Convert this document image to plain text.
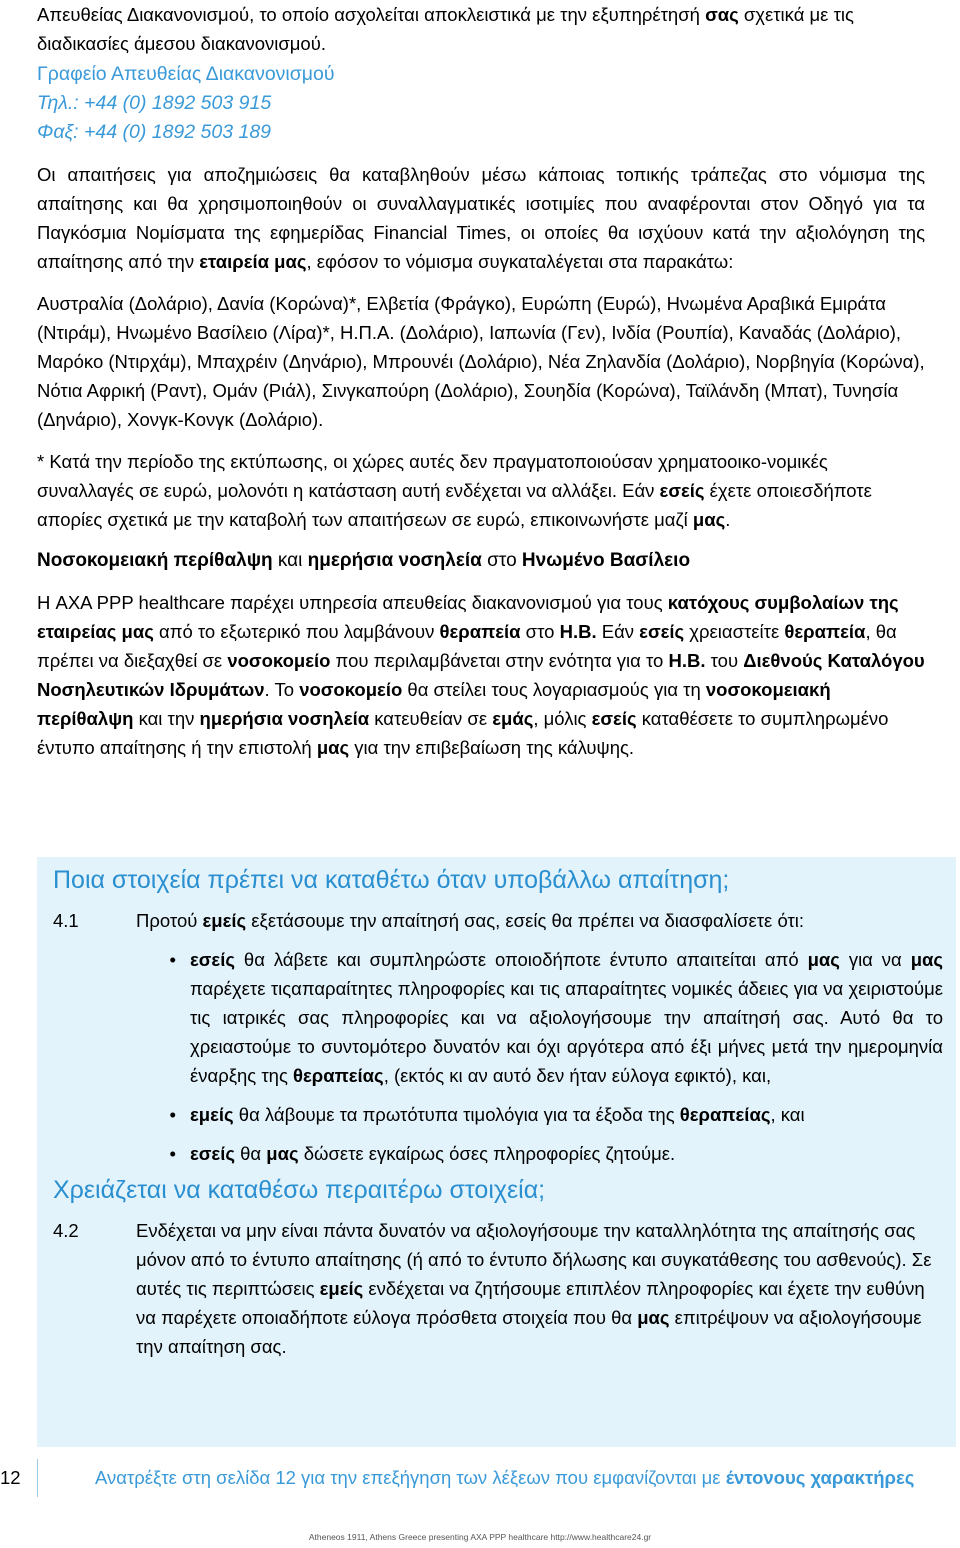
Απευθείας Διακανονισμού, το οποίο ασχολείται αποκλειστικά με την εξυπηρέτησή σας σχετικά με τις διαδικασίες άμεσου διακανονισμού.

Γραφείο Απευθείας Διακανονισμού
Τηλ.: +44 (0) 1892 503 915
Φαξ: +44 (0) 1892 503 189

Οι απαιτήσεις για αποζημιώσεις θα καταβληθούν μέσω κάποιας τοπικής τράπεζας στο νόμισμα της απαίτησης και θα χρησιμοποιηθούν οι συναλλαγματικές ισοτιμίες που αναφέρονται στον Οδηγό για τα Παγκόσμια Νομίσματα της εφημερίδας Financial Times, οι οποίες θα ισχύουν κατά την αξιολόγηση της απαίτησης από την εταιρεία μας, εφόσον το νόμισμα συγκαταλέγεται στα παρακάτω:

Αυστραλία (Δολάριο), Δανία (Κορώνα)*, Ελβετία (Φράγκο), Ευρώπη (Ευρώ), Ηνωμένα Αραβικά Εμιράτα (Ντιράμ), Ηνωμένο Βασίλειο (Λίρα)*, Η.Π.Α. (Δολάριο), Ιαπωνία (Γεν), Ινδία (Ρουπία), Καναδάς (Δολάριο), Μαρόκο (Ντιρχάμ), Μπαχρέιν (Δηνάριο), Μπρουνέι (Δολάριο), Νέα Ζηλανδία (Δολάριο), Νορβηγία (Κορώνα), Νότια Αφρική (Ραντ), Ομάν (Ριάλ), Σινγκαπούρη (Δολάριο), Σουηδία (Κορώνα), Ταϊλάνδη (Μπατ), Τυνησία (Δηνάριο), Χονγκ-Κονγκ (Δολάριο).

* Κατά την περίοδο της εκτύπωσης, οι χώρες αυτές δεν πραγματοποιούσαν χρηματοοικο-νομικές συναλλαγές σε ευρώ, μολονότι η κατάσταση αυτή ενδέχεται να αλλάξει. Εάν εσείς έχετε οποιεσδήποτε απορίες σχετικά με την καταβολή των απαιτήσεων σε ευρώ, επικοινωνήστε μαζί μας.

Νοσοκομειακή περίθαλψη και ημερήσια νοσηλεία στο Ηνωμένο Βασίλειο

Η AXA PPP healthcare παρέχει υπηρεσία απευθείας διακανονισμού για τους κατόχους συμβολαίων της εταιρείας μας από το εξωτερικό που λαμβάνουν θεραπεία στο Η.Β. Εάν εσείς χρειαστείτε θεραπεία, θα πρέπει να διεξαχθεί σε νοσοκομείο που περιλαμβάνεται στην ενότητα για το Η.Β. του Διεθνούς Καταλόγου Νοσηλευτικών Ιδρυμάτων. Το νοσοκομείο θα στείλει τους λογαριασμούς για τη νοσοκομειακή περίθαλψη και την ημερήσια νοσηλεία κατευθείαν σε εμάς, μόλις εσείς καταθέσετε το συμπληρωμένο έντυπο απαίτησης ή την επιστολή μας για την επιβεβαίωση της κάλυψης.

Ποια στοιχεία πρέπει να καταθέτω όταν υποβάλλω απαίτηση;
4.1	Προτού εμείς εξετάσουμε την απαίτησή σας, εσείς θα πρέπει να διασφαλίσετε ότι:
• εσείς θα λάβετε και συμπληρώστε οποιοδήποτε έντυπο απαιτείται από μας για να μας παρέχετε τιςαπαραίτητες πληροφορίες και τις απαραίτητες νομικές άδειες για να χειριστούμε τις ιατρικές σας πληροφορίες και να αξιολογήσουμε την απαίτησή σας. Αυτό θα το χρειαστούμε το συντομότερο δυνατόν και όχι αργότερα από έξι μήνες μετά την ημερομηνία έναρξης της θεραπείας, (εκτός κι αν αυτό δεν ήταν εύλογα εφικτό), και,
• εμείς θα λάβουμε τα πρωτότυπα τιμολόγια για τα έξοδα της θεραπείας, και
• εσείς θα μας δώσετε εγκαίρως όσες πληροφορίες ζητούμε.
Χρειάζεται να καταθέσω περαιτέρω στοιχεία;
4.2	Ενδέχεται να μην είναι πάντα δυνατόν να αξιολογήσουμε την καταλληλότητα της απαίτησής σας μόνον από το έντυπο απαίτησης (ή από το έντυπο δήλωσης και συγκατάθεσης του ασθενούς). Σε αυτές τις περιπτώσεις εμείς ενδέχεται να ζητήσουμε επιπλέον πληροφορίες και έχετε την ευθύνη να παρέχετε οποιαδήποτε εύλογα πρόσθετα στοιχεία που θα μας επιτρέψουν να αξιολογήσουμε την απαίτηση σας.
12	Ανατρέξτε στη σελίδα 12 για την επεξήγηση των λέξεων που εμφανίζονται με έντονους χαρακτήρες
Atheneos 1911, Athens Greece presenting AXA PPP healthcare http://www.healthcare24.gr
